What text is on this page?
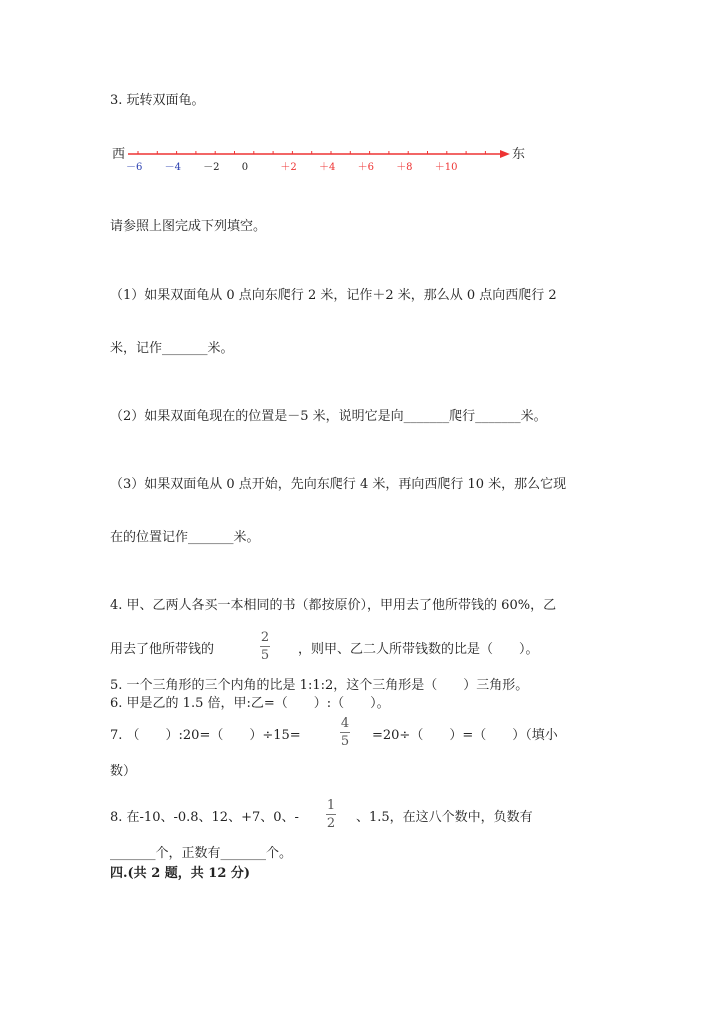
3. 玩转双面龟。
西	东
－6 －4 －2 0	＋2 ＋4 ＋6 ＋8 ＋10
请参照上图完成下列填空。
（1）如果双面龟从 0 点向东爬行 2 米，记作＋2 米，那么从 0 点向西爬行 2
米，记作_______米。
（2）如果双面龟现在的位置是－5 米，说明它是向_______爬行_______米。
（3）如果双面龟从 0 点开始，先向东爬行 4 米，再向西爬行 10 米，那么它现
在的位置记作_______米。
4. 甲、乙两人各买一本相同的书（都按原价），甲用去了他所带钱的 60%，乙
用去了他所带钱的
2
5 ，则甲、乙二人所带钱数的比是（　　）。
5. 一个三角形的三个内角的比是 1:1:2，这个三角形是（　　）三角形。
6. 甲是乙的 1.5 倍，甲:乙=（　　）:（　　）。
7. （　　）:20=（　　）÷15=
4
5 =20÷（　　）=（　　）（填小
数）
8. 在-10、-0.8、12、+7、0、-
1
2 、1.5，在这八个数中，负数有
_______个，正数有_______个。
四.(共 2 题，共 12 分)
